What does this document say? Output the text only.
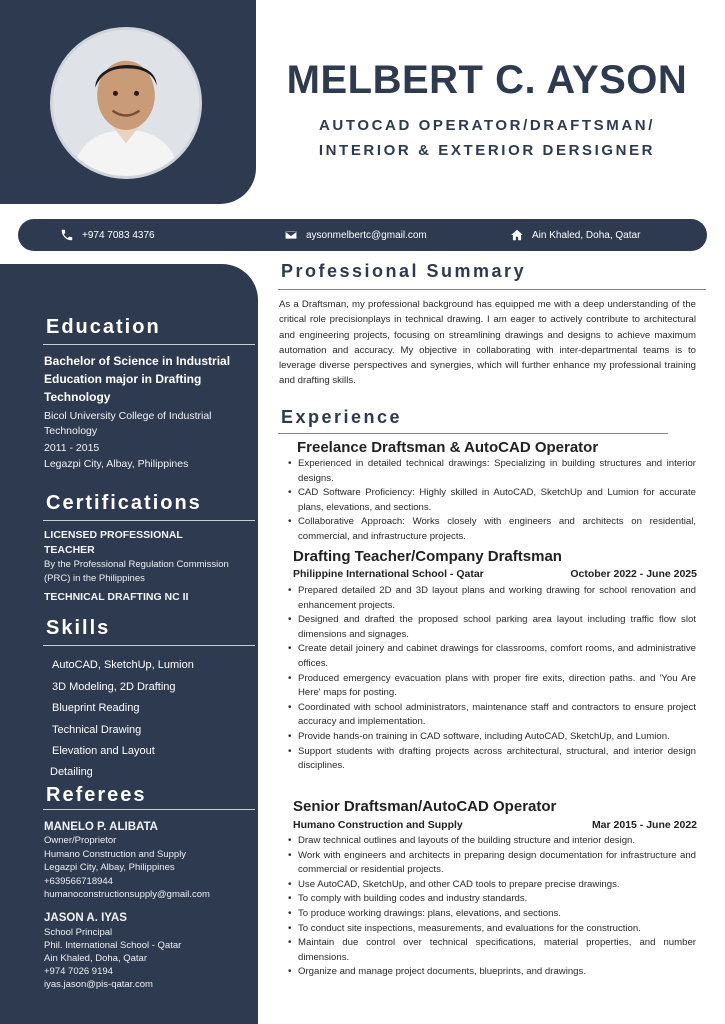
MELBERT C. AYSON
AUTOCAD OPERATOR/DRAFTSMAN/
INTERIOR & EXTERIOR DERSIGNER
+974 7083 4376	aysonmelbertc@gmail.com	Ain Khaled, Doha, Qatar
Education
Bachelor of Science in Industrial Education major in Drafting Technology
Bicol University College of Industrial Technology
2011 - 2015
Legazpi City, Albay, Philippines
Certifications
LICENSED PROFESSIONAL TEACHER
By the Professional Regulation Commission (PRC) in the Philippines
TECHNICAL DRAFTING NC II
Skills
AutoCAD, SketchUp, Lumion
3D Modeling, 2D Drafting
Blueprint Reading
Technical Drawing
Elevation and Layout
Detailing
Referees
MANELO P. ALIBATA
Owner/Proprietor
Humano Construction and Supply
Legazpi City, Albay, Philippines
+639566718944
humanoconstructionsupply@gmail.com
JASON A. IYAS
School Principal
Phil. International School - Qatar
Ain Khaled, Doha, Qatar
+974 7026 9194
iyas.jason@pis-qatar.com
Professional Summary
As a Draftsman, my professional background has equipped me with a deep understanding of the critical role precisionplays in technical drawing. I am eager to actively contribute to architectural and engineering projects, focusing on streamlining drawings and designs to achieve maximum automation and accuracy. My objective in collaborating with inter-departmental teams is to leverage diverse perspectives and synergies, which will further enhance my professional training and drafting skills.
Experience
Freelance Draftsman & AutoCAD Operator
• Experienced in detailed technical drawings: Specializing in building structures and interior designs.
• CAD Software Proficiency: Highly skilled in AutoCAD, SketchUp and Lumion for accurate plans, elevations, and sections.
• Collaborative Approach: Works closely with engineers and architects on residential, commercial, and infrastructure projects.
Drafting Teacher/Company Draftsman
Philippine International School - Qatar	October 2022 - June 2025
• Prepared detailed 2D and 3D layout plans and working drawing for school renovation and enhancement projects.
• Designed and drafted the proposed school parking area layout including traffic flow slot dimensions and signages.
• Create detail joinery and cabinet drawings for classrooms, comfort rooms, and administrative offices.
• Produced emergency evacuation plans with proper fire exits, direction paths. and 'You Are Here' maps for posting.
• Coordinated with school administrators, maintenance staff and contractors to ensure project accuracy and implementation.
• Provide hands-on training in CAD software, including AutoCAD, SketchUp, and Lumion.
• Support students with drafting projects across architectural, structural, and interior design disciplines.
Senior Draftsman/AutoCAD Operator
Humano Construction and Supply	Mar 2015 - June 2022
• Draw technical outlines and layouts of the building structure and interior design.
• Work with engineers and architects in preparing design documentation for infrastructure and commercial or residential projects.
• Use AutoCAD, SketchUp, and other CAD tools to prepare precise drawings.
• To comply with building codes and industry standards.
• To produce working drawings: plans, elevations, and sections.
• To conduct site inspections, measurements, and evaluations for the construction.
• Maintain due control over technical specifications, material properties, and number dimensions.
• Organize and manage project documents, blueprints, and drawings.
